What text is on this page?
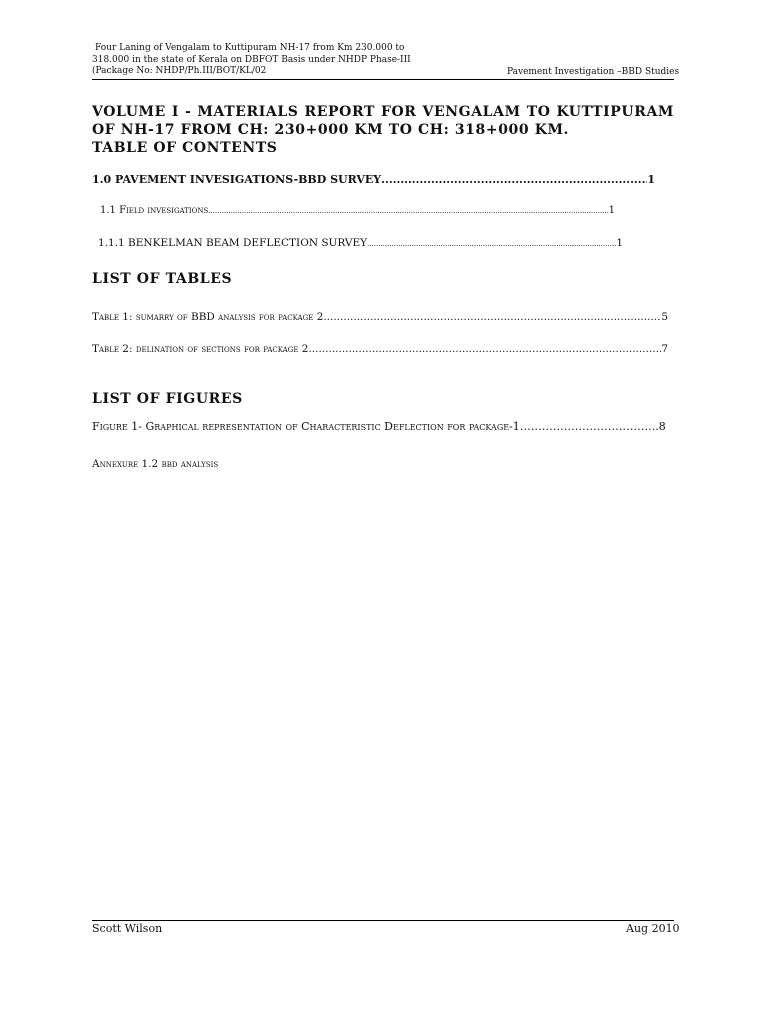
Four Laning of Vengalam to Kuttipuram NH-17 from Km 230.000 to
318.000 in the state of Kerala on DBFOT Basis under NHDP Phase-III
(Package No: NHDP/Ph.III/BOT/KL/02	Pavement Investigation –BBD Studies
VOLUME I - MATERIALS REPORT FOR VENGALAM TO KUTTIPURAM OF NH-17 FROM CH: 230+000 KM TO CH: 318+000 KM.
TABLE OF CONTENTS
1.0 PAVEMENT INVESIGATIONS-BBD SURVEY .....	1
1.1 Field invesigations .....	1
1.1.1 BENKELMAN BEAM DEFLECTION SURVEY .....	1
LIST OF TABLES
Table 1: sumarry of BBD analysis for package 2 .....	5
Table 2: delination of sections for package 2 .....	7
LIST OF FIGURES
Figure 1- Graphical representation of Characteristic Deflection for package-1………………………………..8
Annexure 1.2 bbd analysis
Scott Wilson	Aug 2010
